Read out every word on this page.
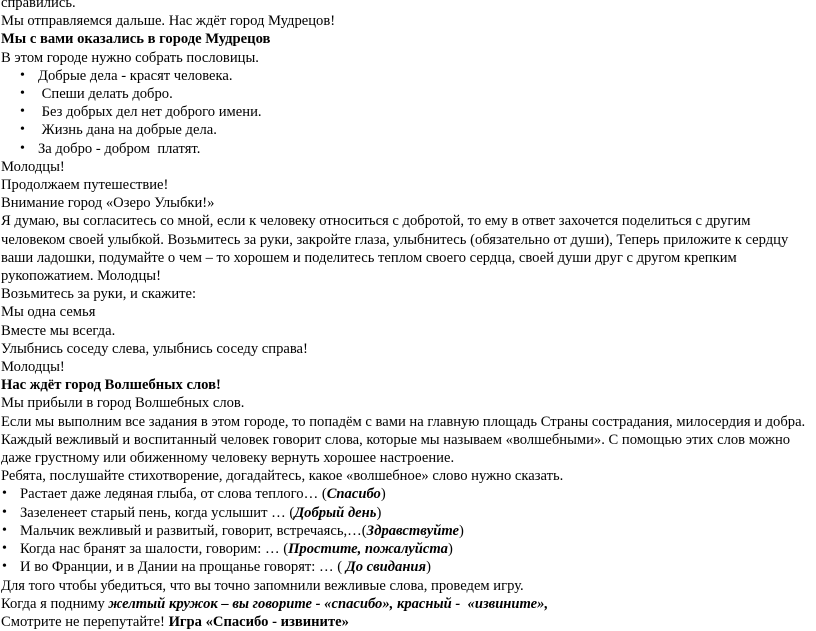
справились.
Мы отправляемся дальше. Нас ждёт город Мудрецов!
Мы с вами оказались в городе Мудрецов
В этом городе нужно собрать пословицы.
• Добрые дела - красят человека.
• Спеши делать добро.
• Без добрых дел нет доброго имени.
• Жизнь дана на добрые дела.
• За добро - добром  платят.
Молодцы!
Продолжаем путешествие!
Внимание город «Озеро Улыбки!»
Я думаю, вы согласитесь со мной, если к человеку относиться с добротой, то ему в ответ захочется поделиться с другим человеком своей улыбкой. Возьмитесь за руки, закройте глаза, улыбнитесь (обязательно от души), Теперь приложите к сердцу ваши ладошки, подумайте о чем – то хорошем и поделитесь теплом своего сердца, своей души друг с другом крепким рукопожатием. Молодцы!
Возьмитесь за руки, и скажите:
Мы одна семья
Вместе мы всегда.
Улыбнись соседу слева, улыбнись соседу справа!
Молодцы!
Нас ждёт город Волшебных слов!
Мы прибыли в город Волшебных слов.
Если мы выполним все задания в этом городе, то попадём с вами на главную площадь Страны сострадания, милосердия и добра. Каждый вежливый и воспитанный человек говорит слова, которые мы называем «волшебными». С помощью этих слов можно даже грустному или обиженному человеку вернуть хорошее настроение.
Ребята, послушайте стихотворение, догадайтесь, какое «волшебное» слово нужно сказать.
• Растает даже ледяная глыба, от слова теплого… (Спасибо)
• Зазеленеет старый пень, когда услышит … (Добрый день)
• Мальчик вежливый и развитый, говорит, встречаясь,…(Здравствуйте)
• Когда нас бранят за шалости, говорим: … (Простите, пожалуйста)
• И во Франции, и в Дании на прощанье говорят: … ( До свидания)
Для того чтобы убедиться, что вы точно запомнили вежливые слова, проведем игру.
Когда я подниму желтый кружок – вы говорите - «спасибо», красный -  «извините»,
Смотрите не перепутайте! Игра «Спасибо - извините»
